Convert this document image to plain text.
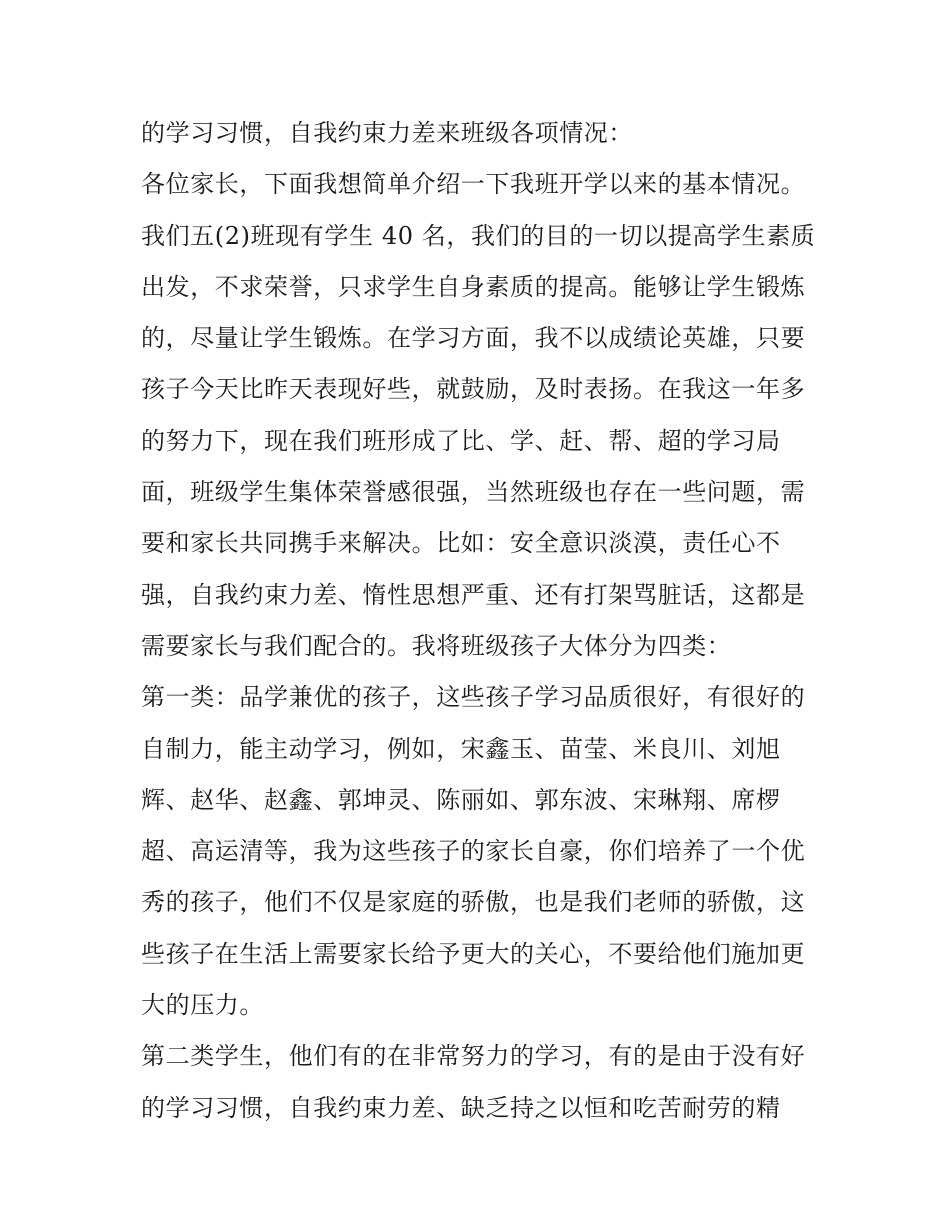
的学习习惯，自我约束力差来班级各项情况：
各位家长，下面我想简单介绍一下我班开学以来的基本情况。
我们五(2)班现有学生 40 名，我们的目的一切以提高学生素质
出发，不求荣誉，只求学生自身素质的提高。能够让学生锻炼
的，尽量让学生锻炼。在学习方面，我不以成绩论英雄，只要
孩子今天比昨天表现好些，就鼓励，及时表扬。在我这一年多
的努力下，现在我们班形成了比、学、赶、帮、超的学习局
面，班级学生集体荣誉感很强，当然班级也存在一些问题，需
要和家长共同携手来解决。比如：安全意识淡漠，责任心不
强，自我约束力差、惰性思想严重、还有打架骂脏话，这都是
需要家长与我们配合的。我将班级孩子大体分为四类：
第一类：品学兼优的孩子，这些孩子学习品质很好，有很好的
自制力，能主动学习，例如，宋鑫玉、苗莹、米良川、刘旭
辉、赵华、赵鑫、郭坤灵、陈丽如、郭东波、宋琳翔、席椤
超、高运清等，我为这些孩子的家长自豪，你们培养了一个优
秀的孩子，他们不仅是家庭的骄傲，也是我们老师的骄傲，这
些孩子在生活上需要家长给予更大的关心，不要给他们施加更
大的压力。
第二类学生，他们有的在非常努力的学习，有的是由于没有好
的学习习惯，自我约束力差、缺乏持之以恒和吃苦耐劳的精
